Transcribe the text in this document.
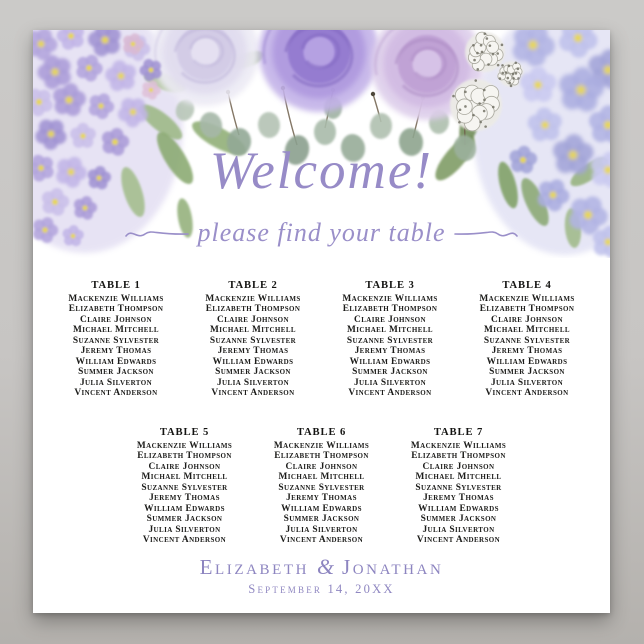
Welcome!
please find your table
TABLE 1
Mackenzie Williams
Elizabeth Thompson
Claire Johnson
Michael Mitchell
Suzanne Sylvester
Jeremy Thomas
William Edwards
Summer Jackson
Julia Silverton
Vincent Anderson
TABLE 2
Mackenzie Williams
Elizabeth Thompson
Claire Johnson
Michael Mitchell
Suzanne Sylvester
Jeremy Thomas
William Edwards
Summer Jackson
Julia Silverton
Vincent Anderson
TABLE 3
Mackenzie Williams
Elizabeth Thompson
Claire Johnson
Michael Mitchell
Suzanne Sylvester
Jeremy Thomas
William Edwards
Summer Jackson
Julia Silverton
Vincent Anderson
TABLE 4
Mackenzie Williams
Elizabeth Thompson
Claire Johnson
Michael Mitchell
Suzanne Sylvester
Jeremy Thomas
William Edwards
Summer Jackson
Julia Silverton
Vincent Anderson
TABLE 5
Mackenzie Williams
Elizabeth Thompson
Claire Johnson
Michael Mitchell
Suzanne Sylvester
Jeremy Thomas
William Edwards
Summer Jackson
Julia Silverton
Vincent Anderson
TABLE 6
Mackenzie Williams
Elizabeth Thompson
Claire Johnson
Michael Mitchell
Suzanne Sylvester
Jeremy Thomas
William Edwards
Summer Jackson
Julia Silverton
Vincent Anderson
TABLE 7
Mackenzie Williams
Elizabeth Thompson
Claire Johnson
Michael Mitchell
Suzanne Sylvester
Jeremy Thomas
William Edwards
Summer Jackson
Julia Silverton
Vincent Anderson
Elizabeth & Jonathan
September 14, 20XX
